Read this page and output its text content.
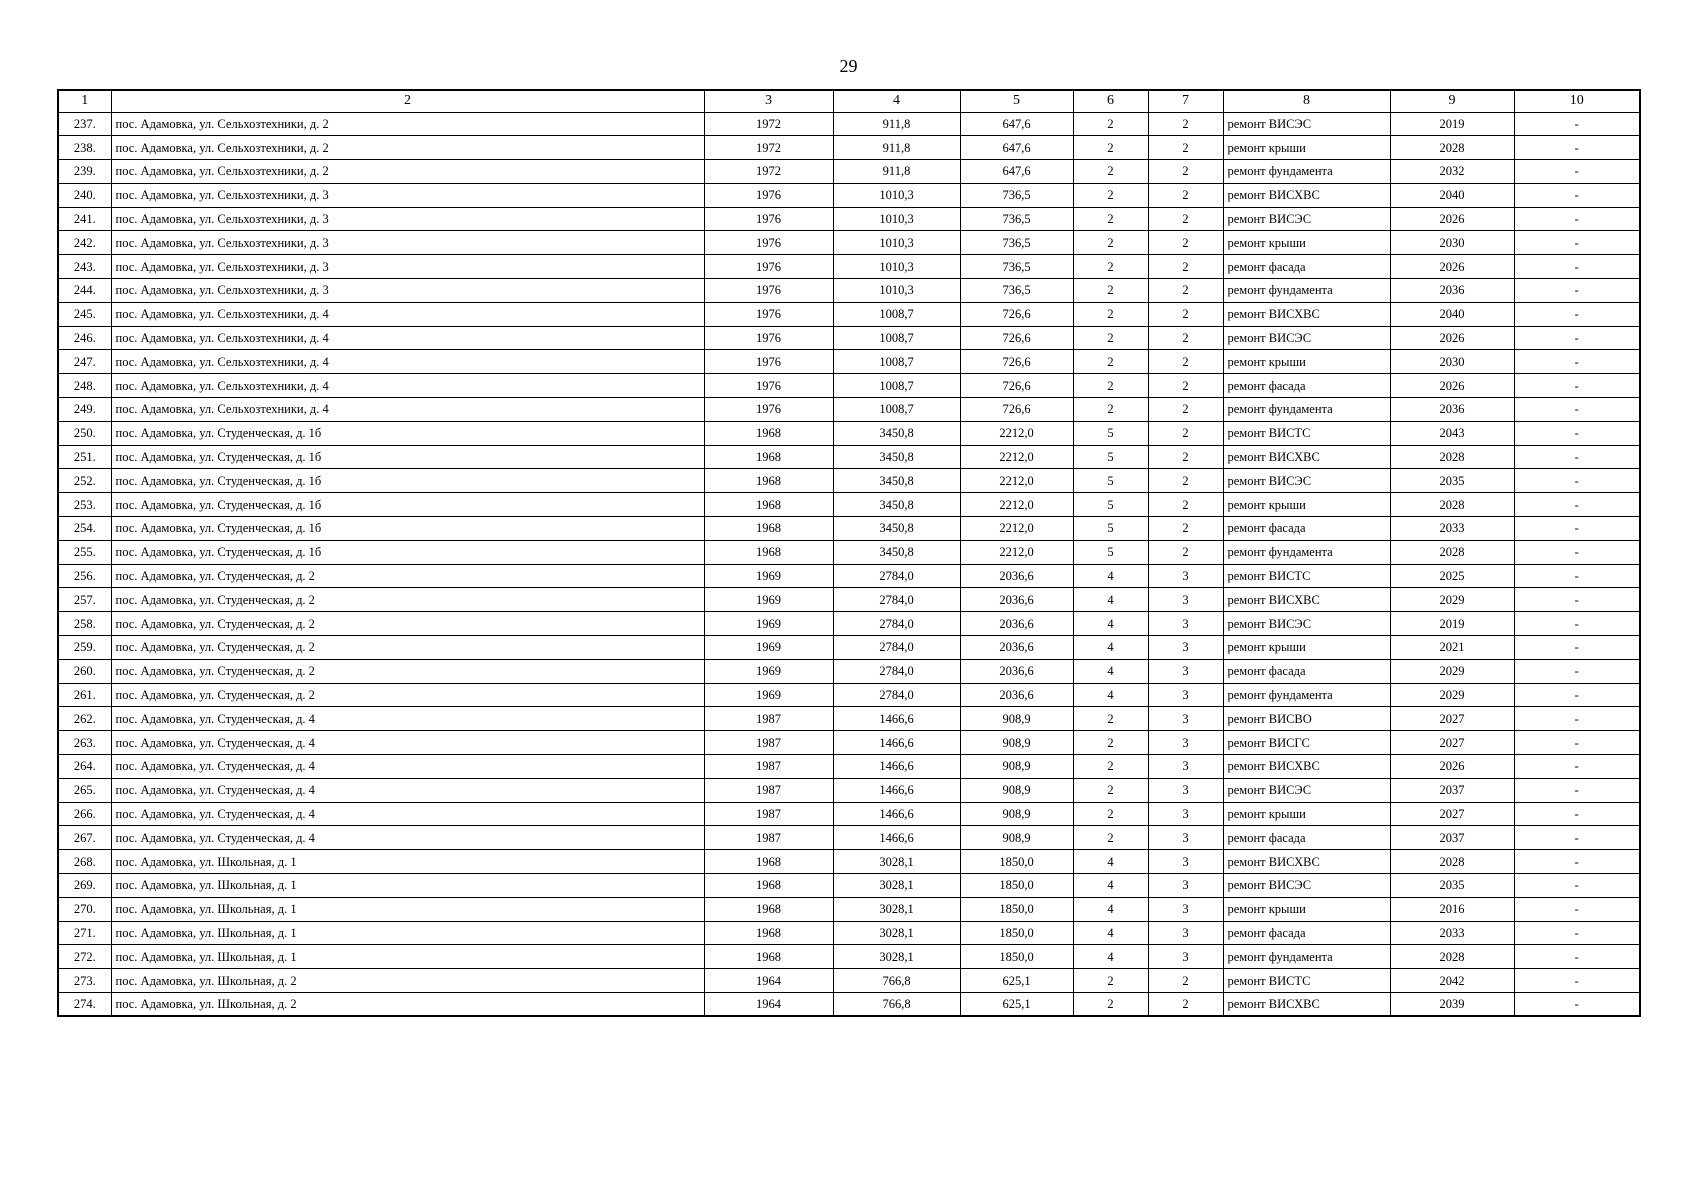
29
1	2	3	4	5	6	7	8	9	10
237.	пос. Адамовка, ул. Сельхозтехники, д. 2	1972	911,8	647,6	2	2	ремонт ВИСЭС	2019	-
238.	пос. Адамовка, ул. Сельхозтехники, д. 2	1972	911,8	647,6	2	2	ремонт крыши	2028	-
239.	пос. Адамовка, ул. Сельхозтехники, д. 2	1972	911,8	647,6	2	2	ремонт фундамента	2032	-
240.	пос. Адамовка, ул. Сельхозтехники, д. 3	1976	1010,3	736,5	2	2	ремонт ВИСХВС	2040	-
241.	пос. Адамовка, ул. Сельхозтехники, д. 3	1976	1010,3	736,5	2	2	ремонт ВИСЭС	2026	-
242.	пос. Адамовка, ул. Сельхозтехники, д. 3	1976	1010,3	736,5	2	2	ремонт крыши	2030	-
243.	пос. Адамовка, ул. Сельхозтехники, д. 3	1976	1010,3	736,5	2	2	ремонт фасада	2026	-
244.	пос. Адамовка, ул. Сельхозтехники, д. 3	1976	1010,3	736,5	2	2	ремонт фундамента	2036	-
245.	пос. Адамовка, ул. Сельхозтехники, д. 4	1976	1008,7	726,6	2	2	ремонт ВИСХВС	2040	-
246.	пос. Адамовка, ул. Сельхозтехники, д. 4	1976	1008,7	726,6	2	2	ремонт ВИСЭС	2026	-
247.	пос. Адамовка, ул. Сельхозтехники, д. 4	1976	1008,7	726,6	2	2	ремонт крыши	2030	-
248.	пос. Адамовка, ул. Сельхозтехники, д. 4	1976	1008,7	726,6	2	2	ремонт фасада	2026	-
249.	пос. Адамовка, ул. Сельхозтехники, д. 4	1976	1008,7	726,6	2	2	ремонт фундамента	2036	-
250.	пос. Адамовка, ул. Студенческая, д. 1б	1968	3450,8	2212,0	5	2	ремонт ВИСТС	2043	-
251.	пос. Адамовка, ул. Студенческая, д. 1б	1968	3450,8	2212,0	5	2	ремонт ВИСХВС	2028	-
252.	пос. Адамовка, ул. Студенческая, д. 1б	1968	3450,8	2212,0	5	2	ремонт ВИСЭС	2035	-
253.	пос. Адамовка, ул. Студенческая, д. 1б	1968	3450,8	2212,0	5	2	ремонт крыши	2028	-
254.	пос. Адамовка, ул. Студенческая, д. 1б	1968	3450,8	2212,0	5	2	ремонт фасада	2033	-
255.	пос. Адамовка, ул. Студенческая, д. 1б	1968	3450,8	2212,0	5	2	ремонт фундамента	2028	-
256.	пос. Адамовка, ул. Студенческая, д. 2	1969	2784,0	2036,6	4	3	ремонт ВИСТС	2025	-
257.	пос. Адамовка, ул. Студенческая, д. 2	1969	2784,0	2036,6	4	3	ремонт ВИСХВС	2029	-
258.	пос. Адамовка, ул. Студенческая, д. 2	1969	2784,0	2036,6	4	3	ремонт ВИСЭС	2019	-
259.	пос. Адамовка, ул. Студенческая, д. 2	1969	2784,0	2036,6	4	3	ремонт крыши	2021	-
260.	пос. Адамовка, ул. Студенческая, д. 2	1969	2784,0	2036,6	4	3	ремонт фасада	2029	-
261.	пос. Адамовка, ул. Студенческая, д. 2	1969	2784,0	2036,6	4	3	ремонт фундамента	2029	-
262.	пос. Адамовка, ул. Студенческая, д. 4	1987	1466,6	908,9	2	3	ремонт ВИСВО	2027	-
263.	пос. Адамовка, ул. Студенческая, д. 4	1987	1466,6	908,9	2	3	ремонт ВИСГС	2027	-
264.	пос. Адамовка, ул. Студенческая, д. 4	1987	1466,6	908,9	2	3	ремонт ВИСХВС	2026	-
265.	пос. Адамовка, ул. Студенческая, д. 4	1987	1466,6	908,9	2	3	ремонт ВИСЭС	2037	-
266.	пос. Адамовка, ул. Студенческая, д. 4	1987	1466,6	908,9	2	3	ремонт крыши	2027	-
267.	пос. Адамовка, ул. Студенческая, д. 4	1987	1466,6	908,9	2	3	ремонт фасада	2037	-
268.	пос. Адамовка, ул. Школьная, д. 1	1968	3028,1	1850,0	4	3	ремонт ВИСХВС	2028	-
269.	пос. Адамовка, ул. Школьная, д. 1	1968	3028,1	1850,0	4	3	ремонт ВИСЭС	2035	-
270.	пос. Адамовка, ул. Школьная, д. 1	1968	3028,1	1850,0	4	3	ремонт крыши	2016	-
271.	пос. Адамовка, ул. Школьная, д. 1	1968	3028,1	1850,0	4	3	ремонт фасада	2033	-
272.	пос. Адамовка, ул. Школьная, д. 1	1968	3028,1	1850,0	4	3	ремонт фундамента	2028	-
273.	пос. Адамовка, ул. Школьная, д. 2	1964	766,8	625,1	2	2	ремонт ВИСТС	2042	-
274.	пос. Адамовка, ул. Школьная, д. 2	1964	766,8	625,1	2	2	ремонт ВИСХВС	2039	-
